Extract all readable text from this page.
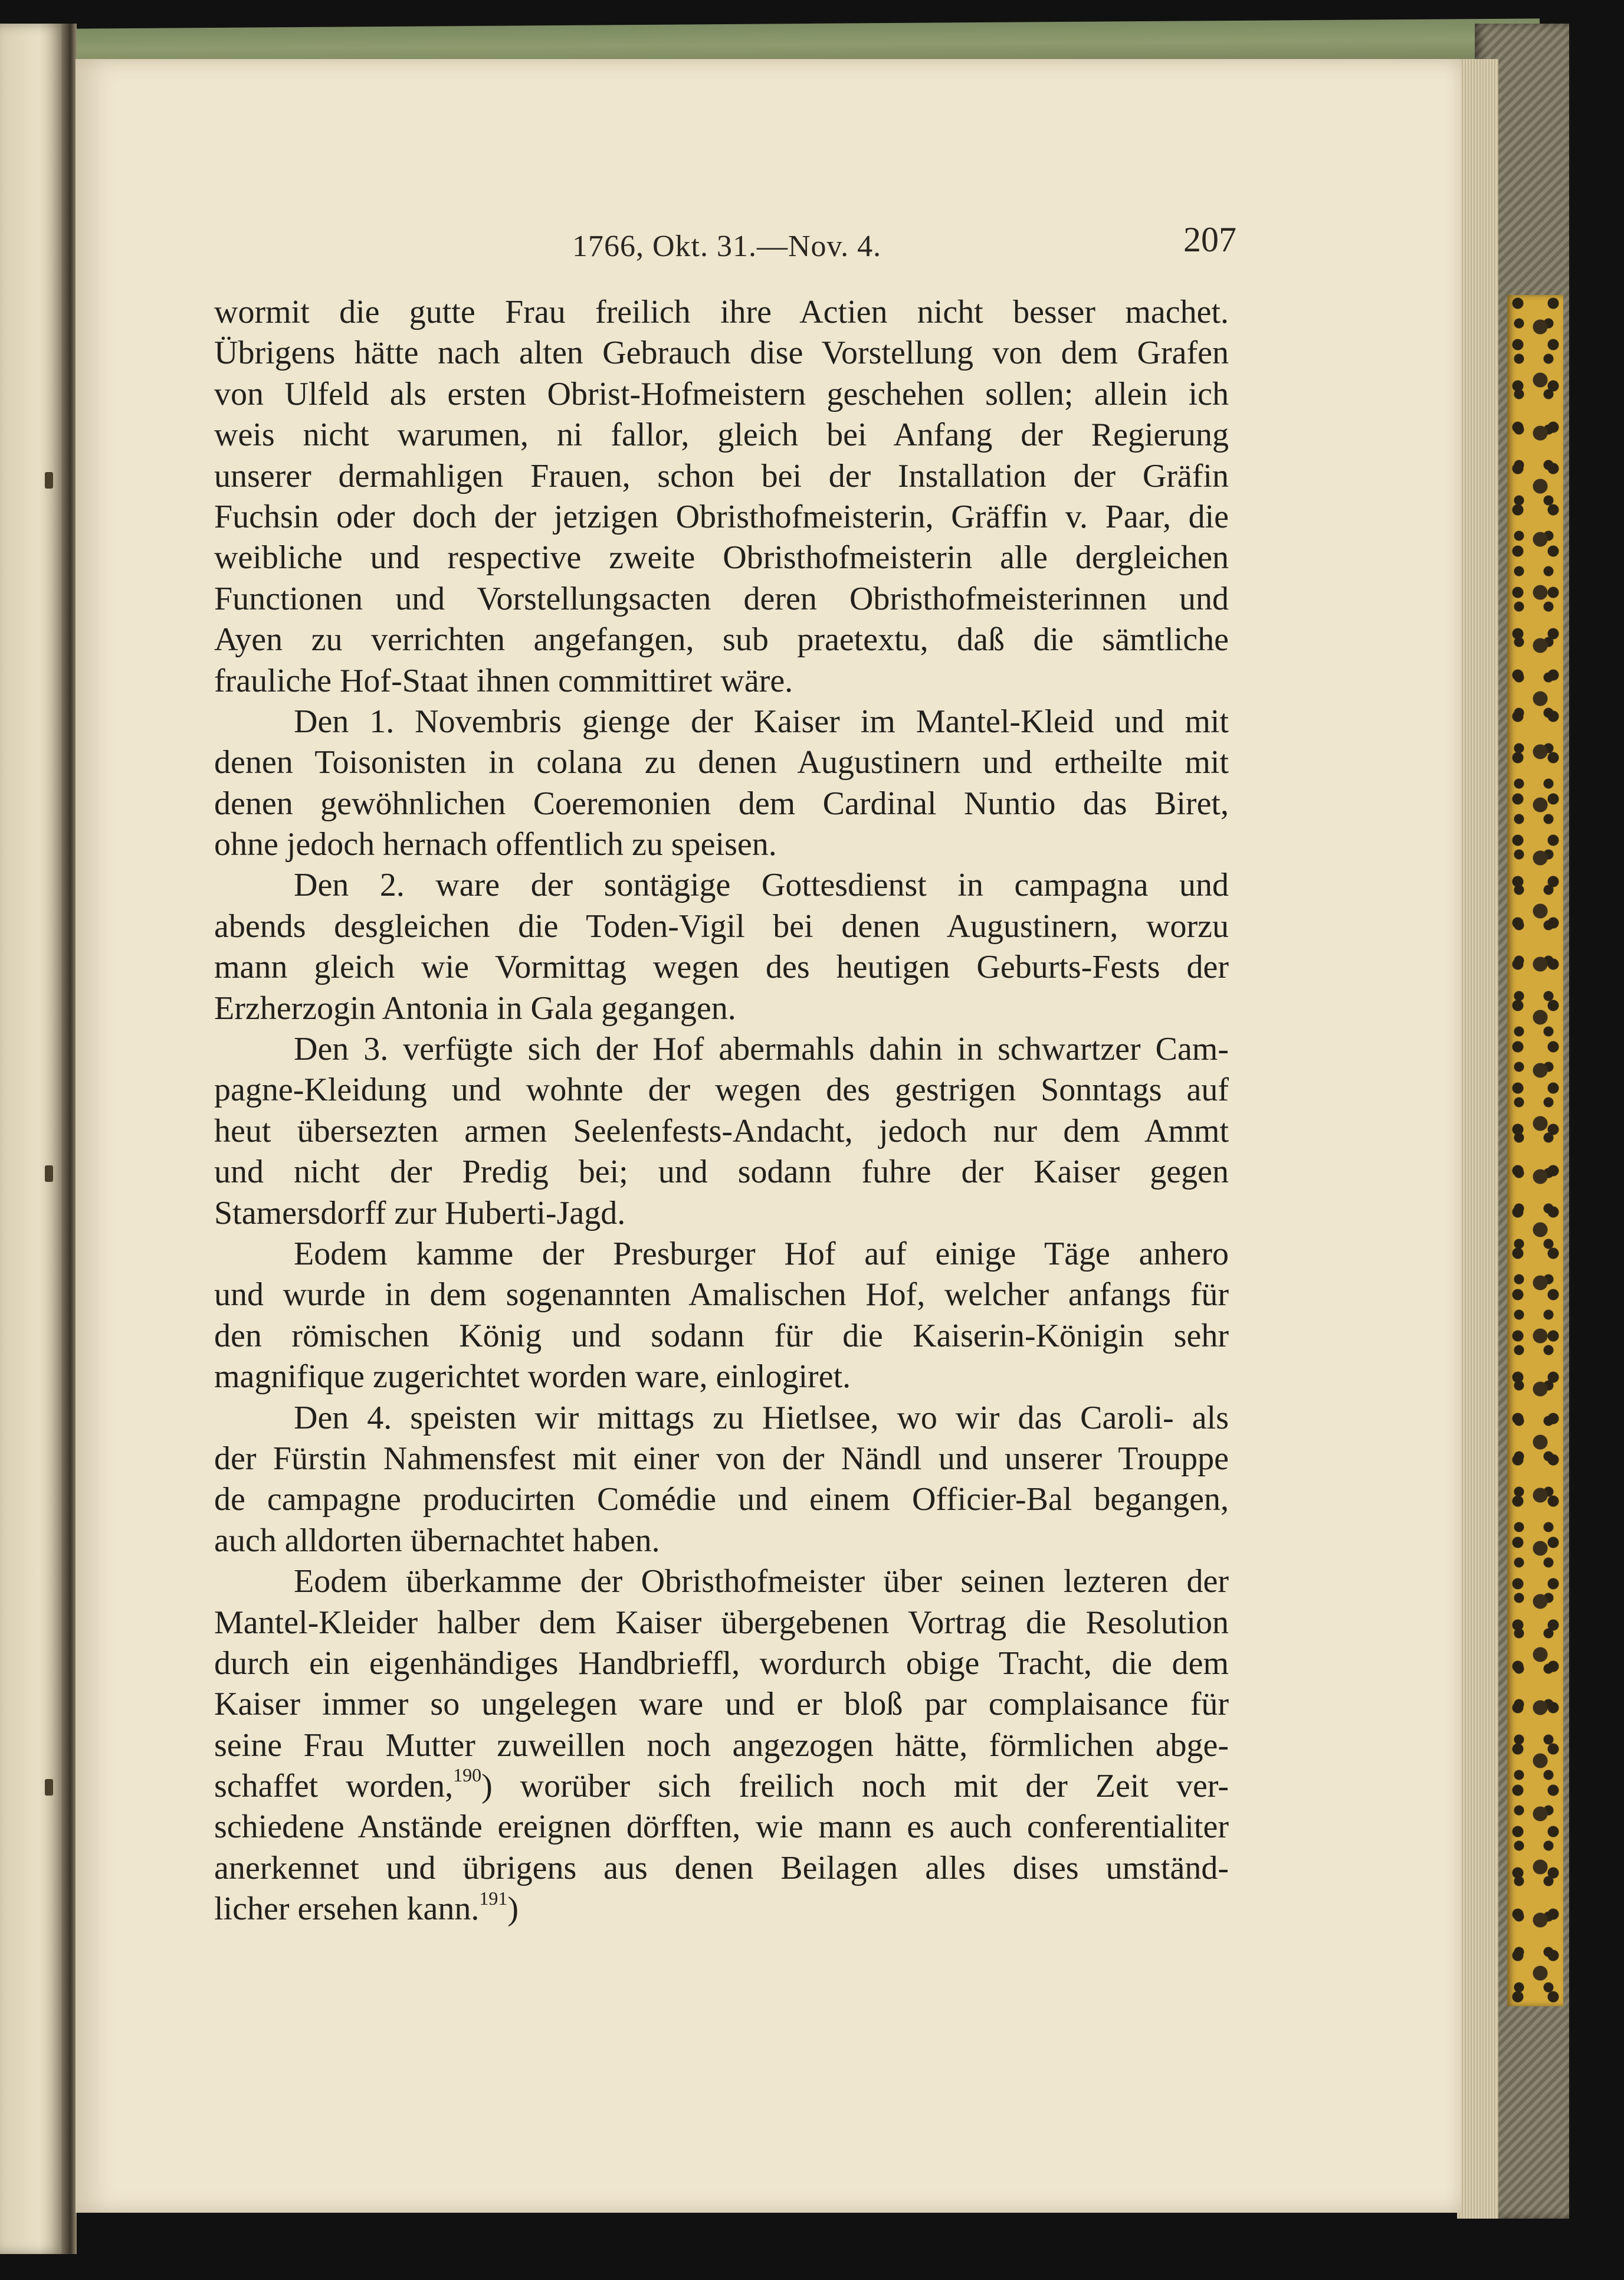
1766, Okt. 31.—Nov. 4.	207
wormit die gutte Frau freilich ihre Actien nicht besser machet.
Übrigens hätte nach alten Gebrauch dise Vorstellung von dem Grafen
von Ulfeld als ersten Obrist-Hofmeistern geschehen sollen; allein ich
weis nicht warumen, ni fallor, gleich bei Anfang der Regierung
unserer dermahligen Frauen, schon bei der Installation der Gräfin
Fuchsin oder doch der jetzigen Obristhofmeisterin, Gräffin v. Paar, die
weibliche und respective zweite Obristhofmeisterin alle dergleichen
Functionen und Vorstellungsacten deren Obristhofmeisterinnen und
Ayen zu verrichten angefangen, sub praetextu, daß die sämtliche
frauliche Hof-Staat ihnen committiret wäre.
Den 1. Novembris gienge der Kaiser im Mantel-Kleid und mit
denen Toisonisten in colana zu denen Augustinern und ertheilte mit
denen gewöhnlichen Coeremonien dem Cardinal Nuntio das Biret,
ohne jedoch hernach offentlich zu speisen.
Den 2. ware der sontägige Gottesdienst in campagna und
abends desgleichen die Toden-Vigil bei denen Augustinern, worzu
mann gleich wie Vormittag wegen des heutigen Geburts-Fests der
Erzherzogin Antonia in Gala gegangen.
Den 3. verfügte sich der Hof abermahls dahin in schwartzer Cam-
pagne-Kleidung und wohnte der wegen des gestrigen Sonntags auf
heut übersezten armen Seelenfests-Andacht, jedoch nur dem Ammt
und nicht der Predig bei; und sodann fuhre der Kaiser gegen
Stamersdorff zur Huberti-Jagd.
Eodem kamme der Presburger Hof auf einige Täge anhero
und wurde in dem sogenannten Amalischen Hof, welcher anfangs für
den römischen König und sodann für die Kaiserin-Königin sehr
magnifique zugerichtet worden ware, einlogiret.
Den 4. speisten wir mittags zu Hietlsee, wo wir das Caroli- als
der Fürstin Nahmensfest mit einer von der Nändl und unserer Trouppe
de campagne producirten Comédie und einem Officier-Bal begangen,
auch alldorten übernachtet haben.
Eodem überkamme der Obristhofmeister über seinen lezteren der
Mantel-Kleider halber dem Kaiser übergebenen Vortrag die Resolution
durch ein eigenhändiges Handbrieffl, wordurch obige Tracht, die dem
Kaiser immer so ungelegen ware und er bloß par complaisance für
seine Frau Mutter zuweillen noch angezogen hätte, förmlichen abge-
schaffet worden,$^{190}$) worüber sich freilich noch mit der Zeit ver-
schiedene Anstände ereignen dörfften, wie mann es auch conferentialiter
anerkennet und übrigens aus denen Beilagen alles dises umständ-
licher ersehen kann.$^{191}$)
